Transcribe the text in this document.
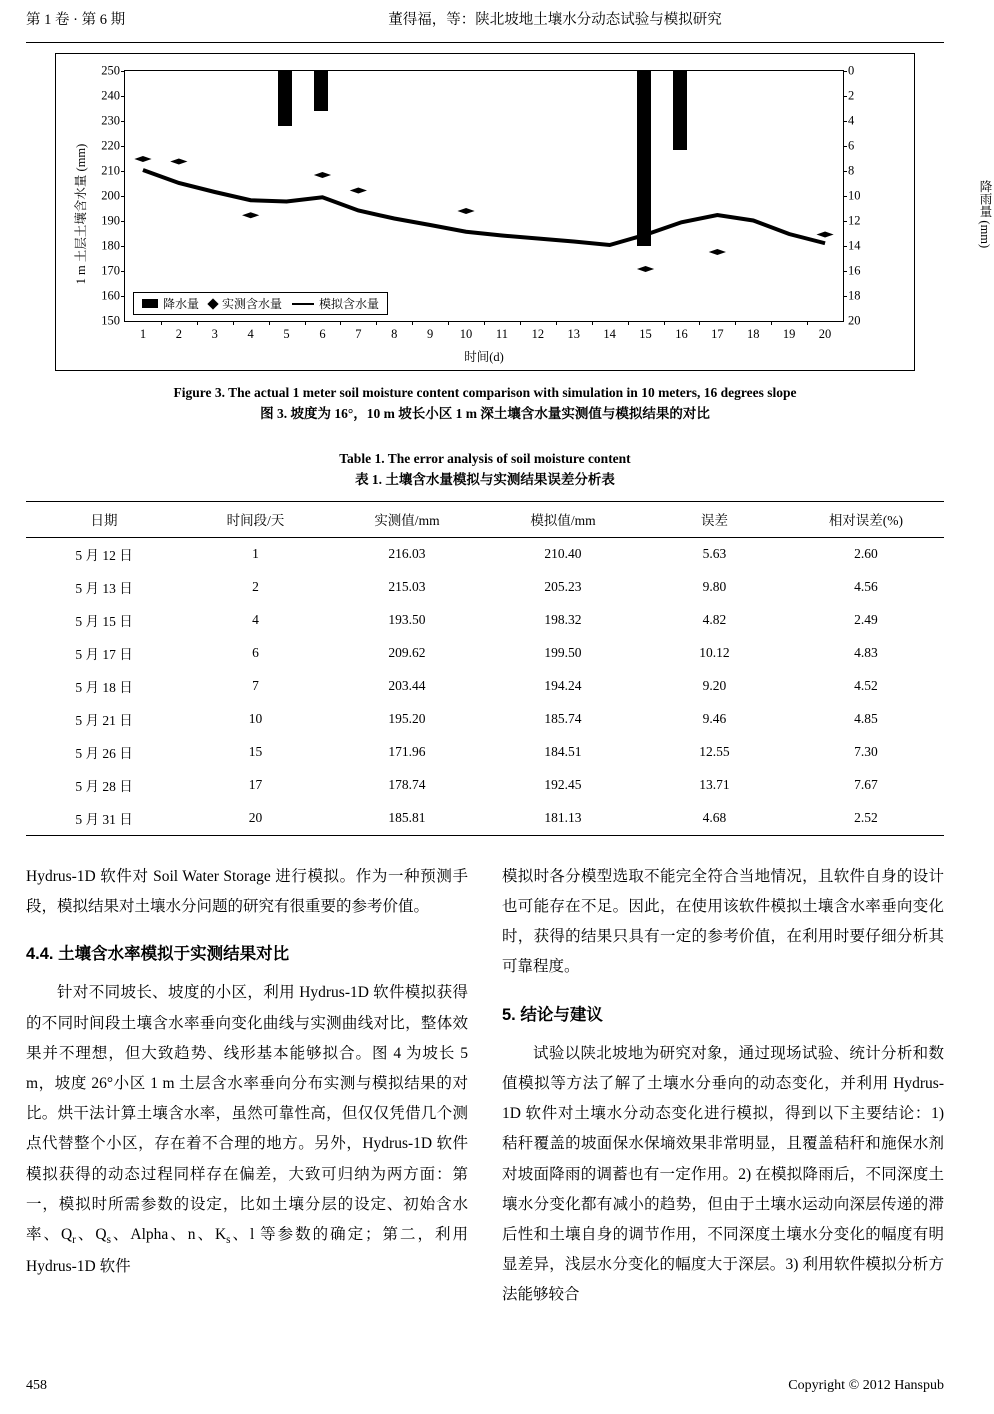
第 1 卷 · 第 6 期	董得福，等：陕北坡地土壤水分动态试验与模拟研究
1 m 土层土壤含水量 (mm)	降雨量 (mm)
250
240
230
220
210
200
190
180
170
160
150
0
2
4
6
8
10
12
14
16
18
20
1 2 3 4 5 6 7 8 9 10 11 12 13 14 15 16 17 18 19 20
降水量 实测含水量	模拟含水量
时间(d)
Figure 3. The actual 1 meter soil moisture content comparison with simulation in 10 meters, 16 degrees slope
图 3. 坡度为 16°，10 m 坡长小区 1 m 深土壤含水量实测值与模拟结果的对比
Table 1. The error analysis of soil moisture content
表 1. 土壤含水量模拟与实测结果误差分析表
日期	时间段/天	实测值/mm	模拟值/mm	误差	相对误差(%)
5 月 12 日	1	216.03	210.40	5.63	2.60
5 月 13 日	2	215.03	205.23	9.80	4.56
5 月 15 日	4	193.50	198.32	4.82	2.49
5 月 17 日	6	209.62	199.50	10.12	4.83
5 月 18 日	7	203.44	194.24	9.20	4.52
5 月 21 日	10	195.20	185.74	9.46	4.85
5 月 26 日	15	171.96	184.51	12.55	7.30
5 月 28 日	17	178.74	192.45	13.71	7.67
5 月 31 日	20	185.81	181.13	4.68	2.52

Hydrus-1D 软件对 Soil Water Storage 进行模拟。作为一种预测手段，模拟结果对土壤水分问题的研究有很重要的参考价值。

4.4. 土壤含水率模拟于实测结果对比

针对不同坡长、坡度的小区，利用 Hydrus-1D 软件模拟获得的不同时间段土壤含水率垂向变化曲线与实测曲线对比，整体效果并不理想，但大致趋势、线形基本能够拟合。图 4 为坡长 5 m，坡度 26°小区 1 m 土层含水率垂向分布实测与模拟结果的对比。烘干法计算土壤含水率，虽然可靠性高，但仅仅凭借几个测点代替整个小区，存在着不合理的地方。另外，Hydrus-1D 软件模拟获得的动态过程同样存在偏差，大致可归纳为两方面：第一，模拟时所需参数的设定，比如土壤分层的设定、初始含水率、$Q_r$、$Q_s$、Alpha、n、$K_s$、l 等参数的确定；第二，利用 Hydrus-1D 软件

模拟时各分模型选取不能完全符合当地情况，且软件自身的设计也可能存在不足。因此，在使用该软件模拟土壤含水率垂向变化时，获得的结果只具有一定的参考价值，在利用时要仔细分析其可靠程度。

5. 结论与建议

试验以陕北坡地为研究对象，通过现场试验、统计分析和数值模拟等方法了解了土壤水分垂向的动态变化，并利用 Hydrus-1D 软件对土壤水分动态变化进行模拟，得到以下主要结论：1) 秸秆覆盖的坡面保水保墒效果非常明显，且覆盖秸秆和施保水剂对坡面降雨的调蓄也有一定作用。2) 在模拟降雨后，不同深度土壤水分变化都有减小的趋势，但由于土壤水运动向深层传递的滞后性和土壤自身的调节作用，不同深度土壤水分变化的幅度有明显差异，浅层水分变化的幅度大于深层。3) 利用软件模拟分析方法能够较合

458	Copyright © 2012 Hanspub
